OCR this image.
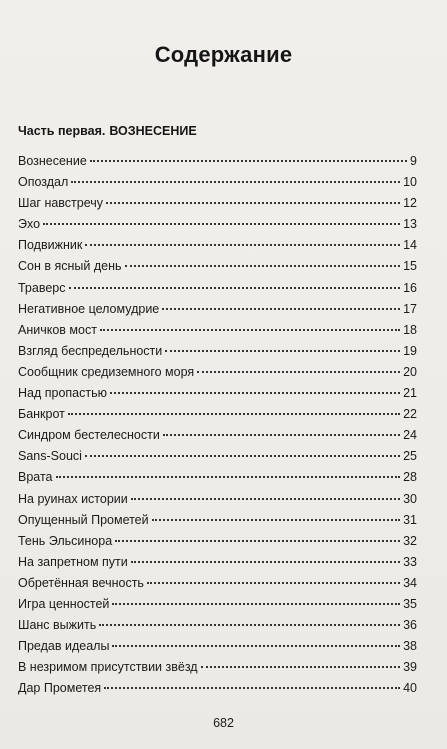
Содержание
Часть первая. ВОЗНЕСЕНИЕ
Вознесение	9
Опоздал	10
Шаг навстречу	12
Эхо	13
Подвижник	14
Сон в ясный день	15
Траверс	16
Негативное целомудрие	17
Аничков мост	18
Взгляд беспредельности	19
Сообщник средиземного моря	20
Над пропастью	21
Банкрот	22
Синдром бестелесности	24
Sans-Souci	25
Врата	28
На руинах истории	30
Опущенный Прометей	31
Тень Эльсинора	32
На запретном пути	33
Обретённая вечность	34
Игра ценностей	35
Шанс выжить	36
Предав идеалы	38
В незримом присутствии звёзд	39
Дар Прометея	40
682
